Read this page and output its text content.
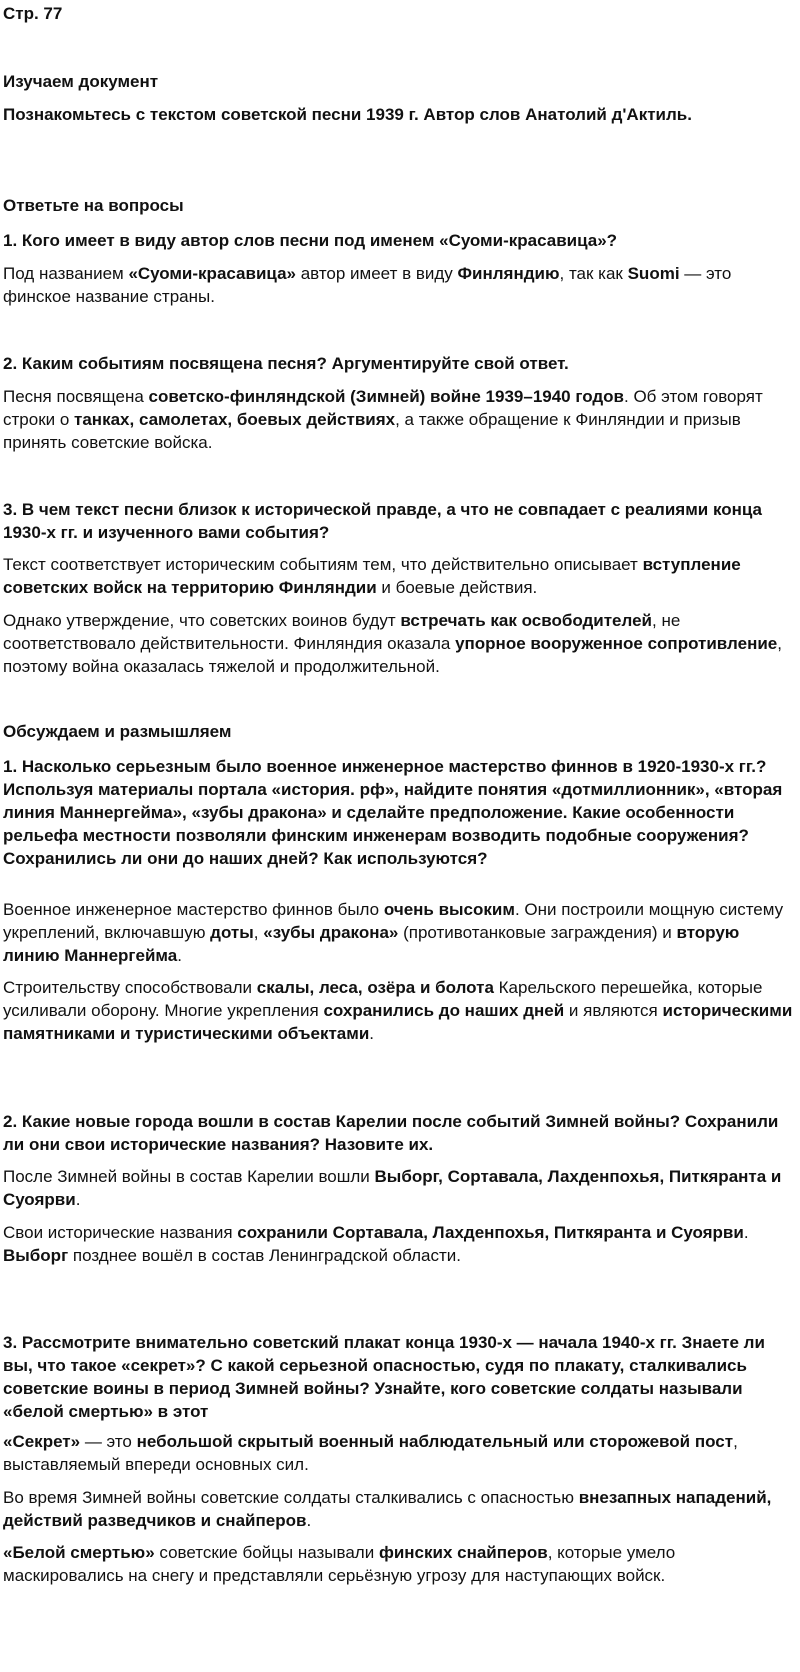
Стр. 77
Изучаем документ
Познакомьтесь с текстом советской песни 1939 г. Автор слов Анатолий д'Актиль.
Ответьте на вопросы
1. Кого имеет в виду автор слов песни под именем «Суоми-красавица»?
Под названием «Суоми-красавица» автор имеет в виду Финляндию, так как Suomi — это финское название страны.
2. Каким событиям посвящена песня? Аргументируйте свой ответ.
Песня посвящена советско-финляндской (Зимней) войне 1939–1940 годов. Об этом говорят строки о танках, самолетах, боевых действиях, а также обращение к Финляндии и призыв принять советские войска.
3. В чем текст песни близок к исторической правде, а что не совпадает с реалиями конца 1930-х гг. и изученного вами события?
Текст соответствует историческим событиям тем, что действительно описывает вступление советских войск на территорию Финляндии и боевые действия.
Однако утверждение, что советских воинов будут встречать как освободителей, не соответствовало действительности. Финляндия оказала упорное вооруженное сопротивление, поэтому война оказалась тяжелой и продолжительной.
Обсуждаем и размышляем
1. Насколько серьезным было военное инженерное мастерство финнов в 1920-1930-х гг.? Используя материалы портала «история. рф», найдите понятия «дотмиллионник», «вторая линия Маннергейма», «зубы дракона» и сделайте предположение. Какие особенности рельефа местности позволяли финским инженерам возводить подобные сооружения? Сохранились ли они до наших дней? Как используются?
Военное инженерное мастерство финнов было очень высоким. Они построили мощную систему укреплений, включавшую доты, «зубы дракона» (противотанковые заграждения) и вторую линию Маннергейма.
Строительству способствовали скалы, леса, озёра и болота Карельского перешейка, которые усиливали оборону. Многие укрепления сохранились до наших дней и являются историческими памятниками и туристическими объектами.
2. Какие новые города вошли в состав Карелии после событий Зимней войны? Сохранили ли они свои исторические названия? Назовите их.
После Зимней войны в состав Карелии вошли Выборг, Сортавала, Лахденпохья, Питкяранта и Суоярви.
Свои исторические названия сохранили Сортавала, Лахденпохья, Питкяранта и Суоярви. Выборг позднее вошёл в состав Ленинградской области.
3. Рассмотрите внимательно советский плакат конца 1930-х — начала 1940-х гг. Знаете ли вы, что такое «секрет»? С какой серьезной опасностью, судя по плакату, сталкивались советские воины в период Зимней войны? Узнайте, кого советские солдаты называли «белой смертью» в этот
«Секрет» — это небольшой скрытый военный наблюдательный или сторожевой пост, выставляемый впереди основных сил.
Во время Зимней войны советские солдаты сталкивались с опасностью внезапных нападений, действий разведчиков и снайперов.
«Белой смертью» советские бойцы называли финских снайперов, которые умело маскировались на снегу и представляли серьёзную угрозу для наступающих войск.
